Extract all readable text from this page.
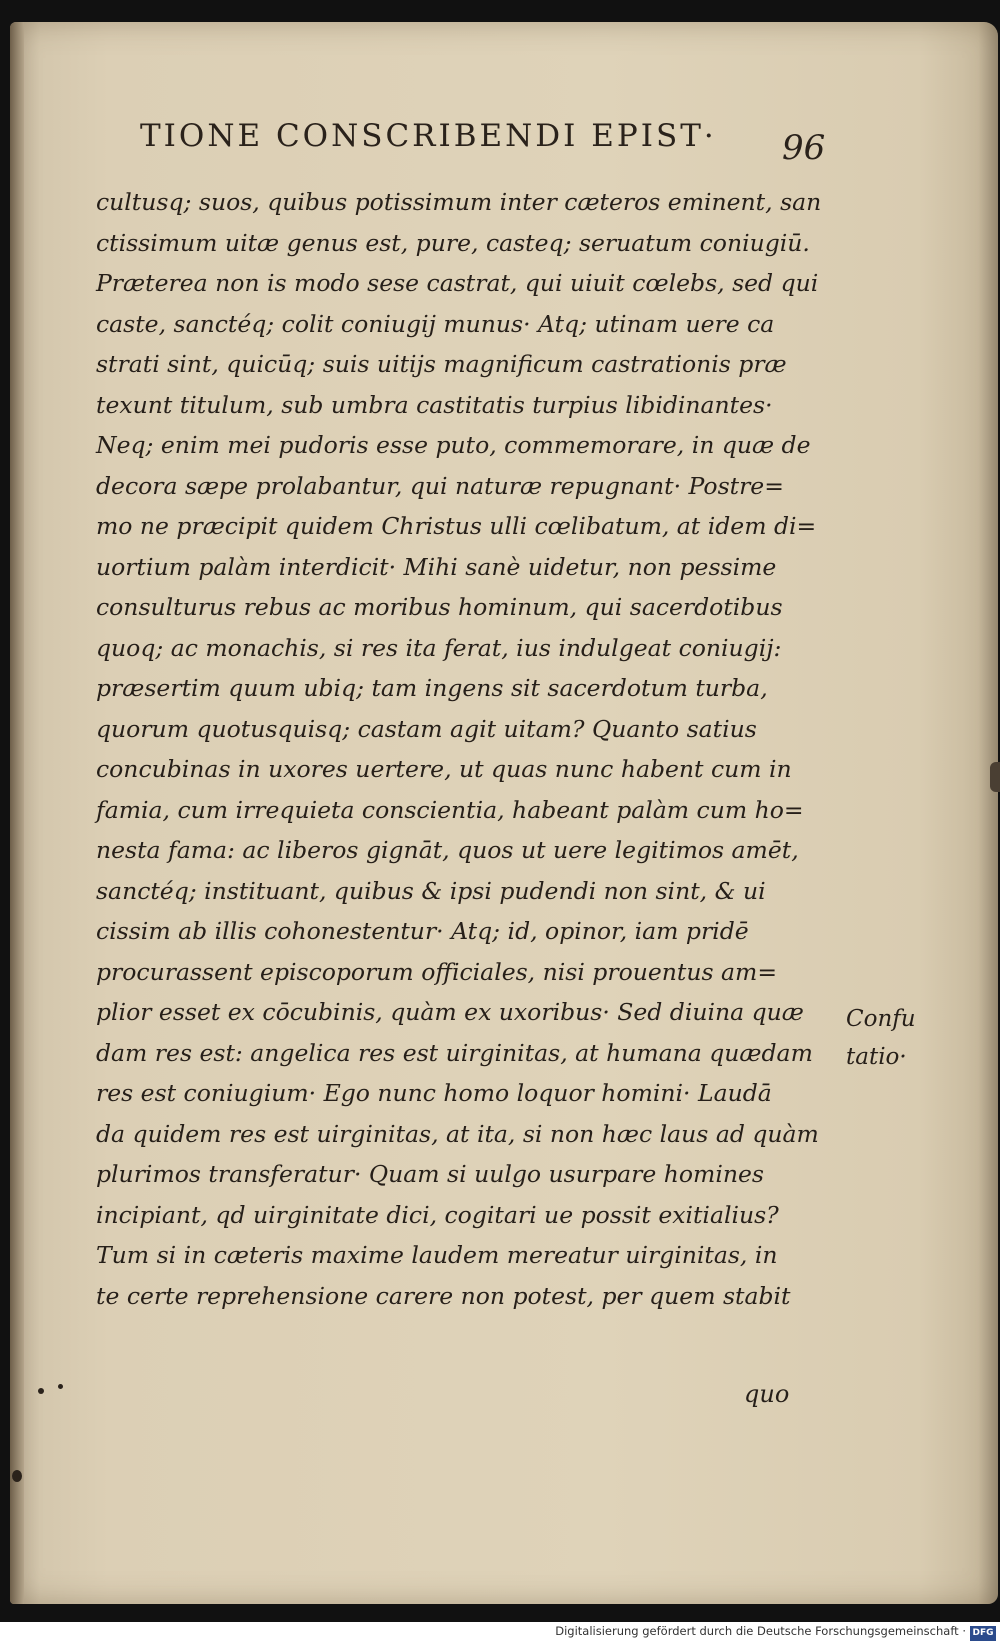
TIONE CONSCRIBENDI EPIST·	96
cultusq; suos, quibus potissimum inter cæteros eminent, san
ctissimum uitæ genus est, pure, casteq; seruatum coniugiū.
Præterea non is modo sese castrat, qui uiuit cœlebs, sed qui
caste, sanctéq; colit coniugij munus· Atq; utinam uere ca
strati sint, quicūq; suis uitijs magnificum castrationis præ
texunt titulum, sub umbra castitatis turpius libidinantes·
Neq; enim mei pudoris esse puto, commemorare, in quæ de
decora sæpe prolabantur, qui naturæ repugnant· Postre=
mo ne præcipit quidem Christus ulli cœlibatum, at idem di=
uortium palàm interdicit· Mihi sanè uidetur, non pessime
consulturus rebus ac moribus hominum, qui sacerdotibus
quoq; ac monachis, si res ita ferat, ius indulgeat coniugij:
præsertim quum ubiq; tam ingens sit sacerdotum turba,
quorum quotusquisq; castam agit uitam? Quanto satius
concubinas in uxores uertere, ut quas nunc habent cum in
famia, cum irrequieta conscientia, habeant palàm cum ho=
nesta fama: ac liberos gignāt, quos ut uere legitimos amēt,
sanctéq; instituant, quibus & ipsi pudendi non sint, & ui
cissim ab illis cohonestentur· Atq; id, opinor, iam pridē
procurassent episcoporum officiales, nisi prouentus am=
plior esset ex cōcubinis, quàm ex uxoribus· Sed diuina quæ
dam res est: angelica res est uirginitas, at humana quædam
res est coniugium· Ego nunc homo loquor homini· Laudā
da quidem res est uirginitas, at ita, si non hæc laus ad quàm
plurimos transferatur· Quam si uulgo usurpare homines
incipiant, qd uirginitate dici, cogitari ue possit exitialius?
Tum si in cæteris maxime laudem mereatur uirginitas, in
te certe reprehensione carere non potest, per quem stabit
Confu
tatio·
quo
Digitalisierung gefördert durch die Deutsche Forschungsgemeinschaft · DFG
